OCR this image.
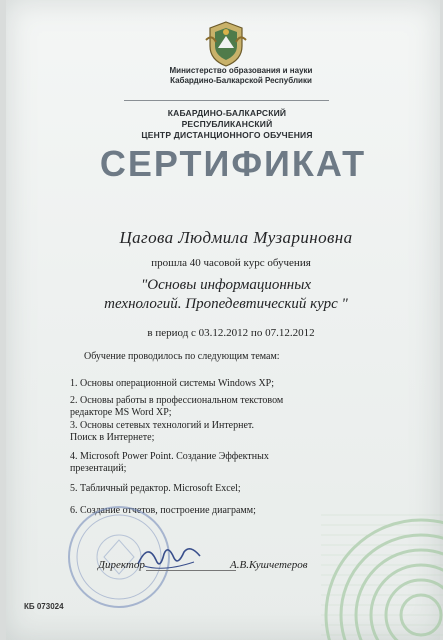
Министерство образования и науки
Кабардино-Балкарской Республики
КАБАРДИНО-БАЛКАРСКИЙ РЕСПУБЛИКАНСКИЙ
ЦЕНТР ДИСТАНЦИОННОГО ОБУЧЕНИЯ
СЕРТИФИКАТ
Цагова Людмила Музариновна
прошла 40 часовой курс обучения
"Основы информационных
технологий. Пропедевтический курс "
в период с 03.12.2012 по 07.12.2012
Обучение проводилось по следующим темам:
1. Основы операционной системы Windows XP;
2. Основы работы в профессиональном текстовом
редакторе MS Word XP;
3. Основы сетевых технологий и Интернет.
Поиск в Интернете;
4. Microsoft Power Point. Создание Эффектных
презентаций;
5. Табличный редактор. Microsoft Excel;
6. Создание отчетов, построение диаграмм;
Директор	А.В.Кушчетеров
КБ 073024
